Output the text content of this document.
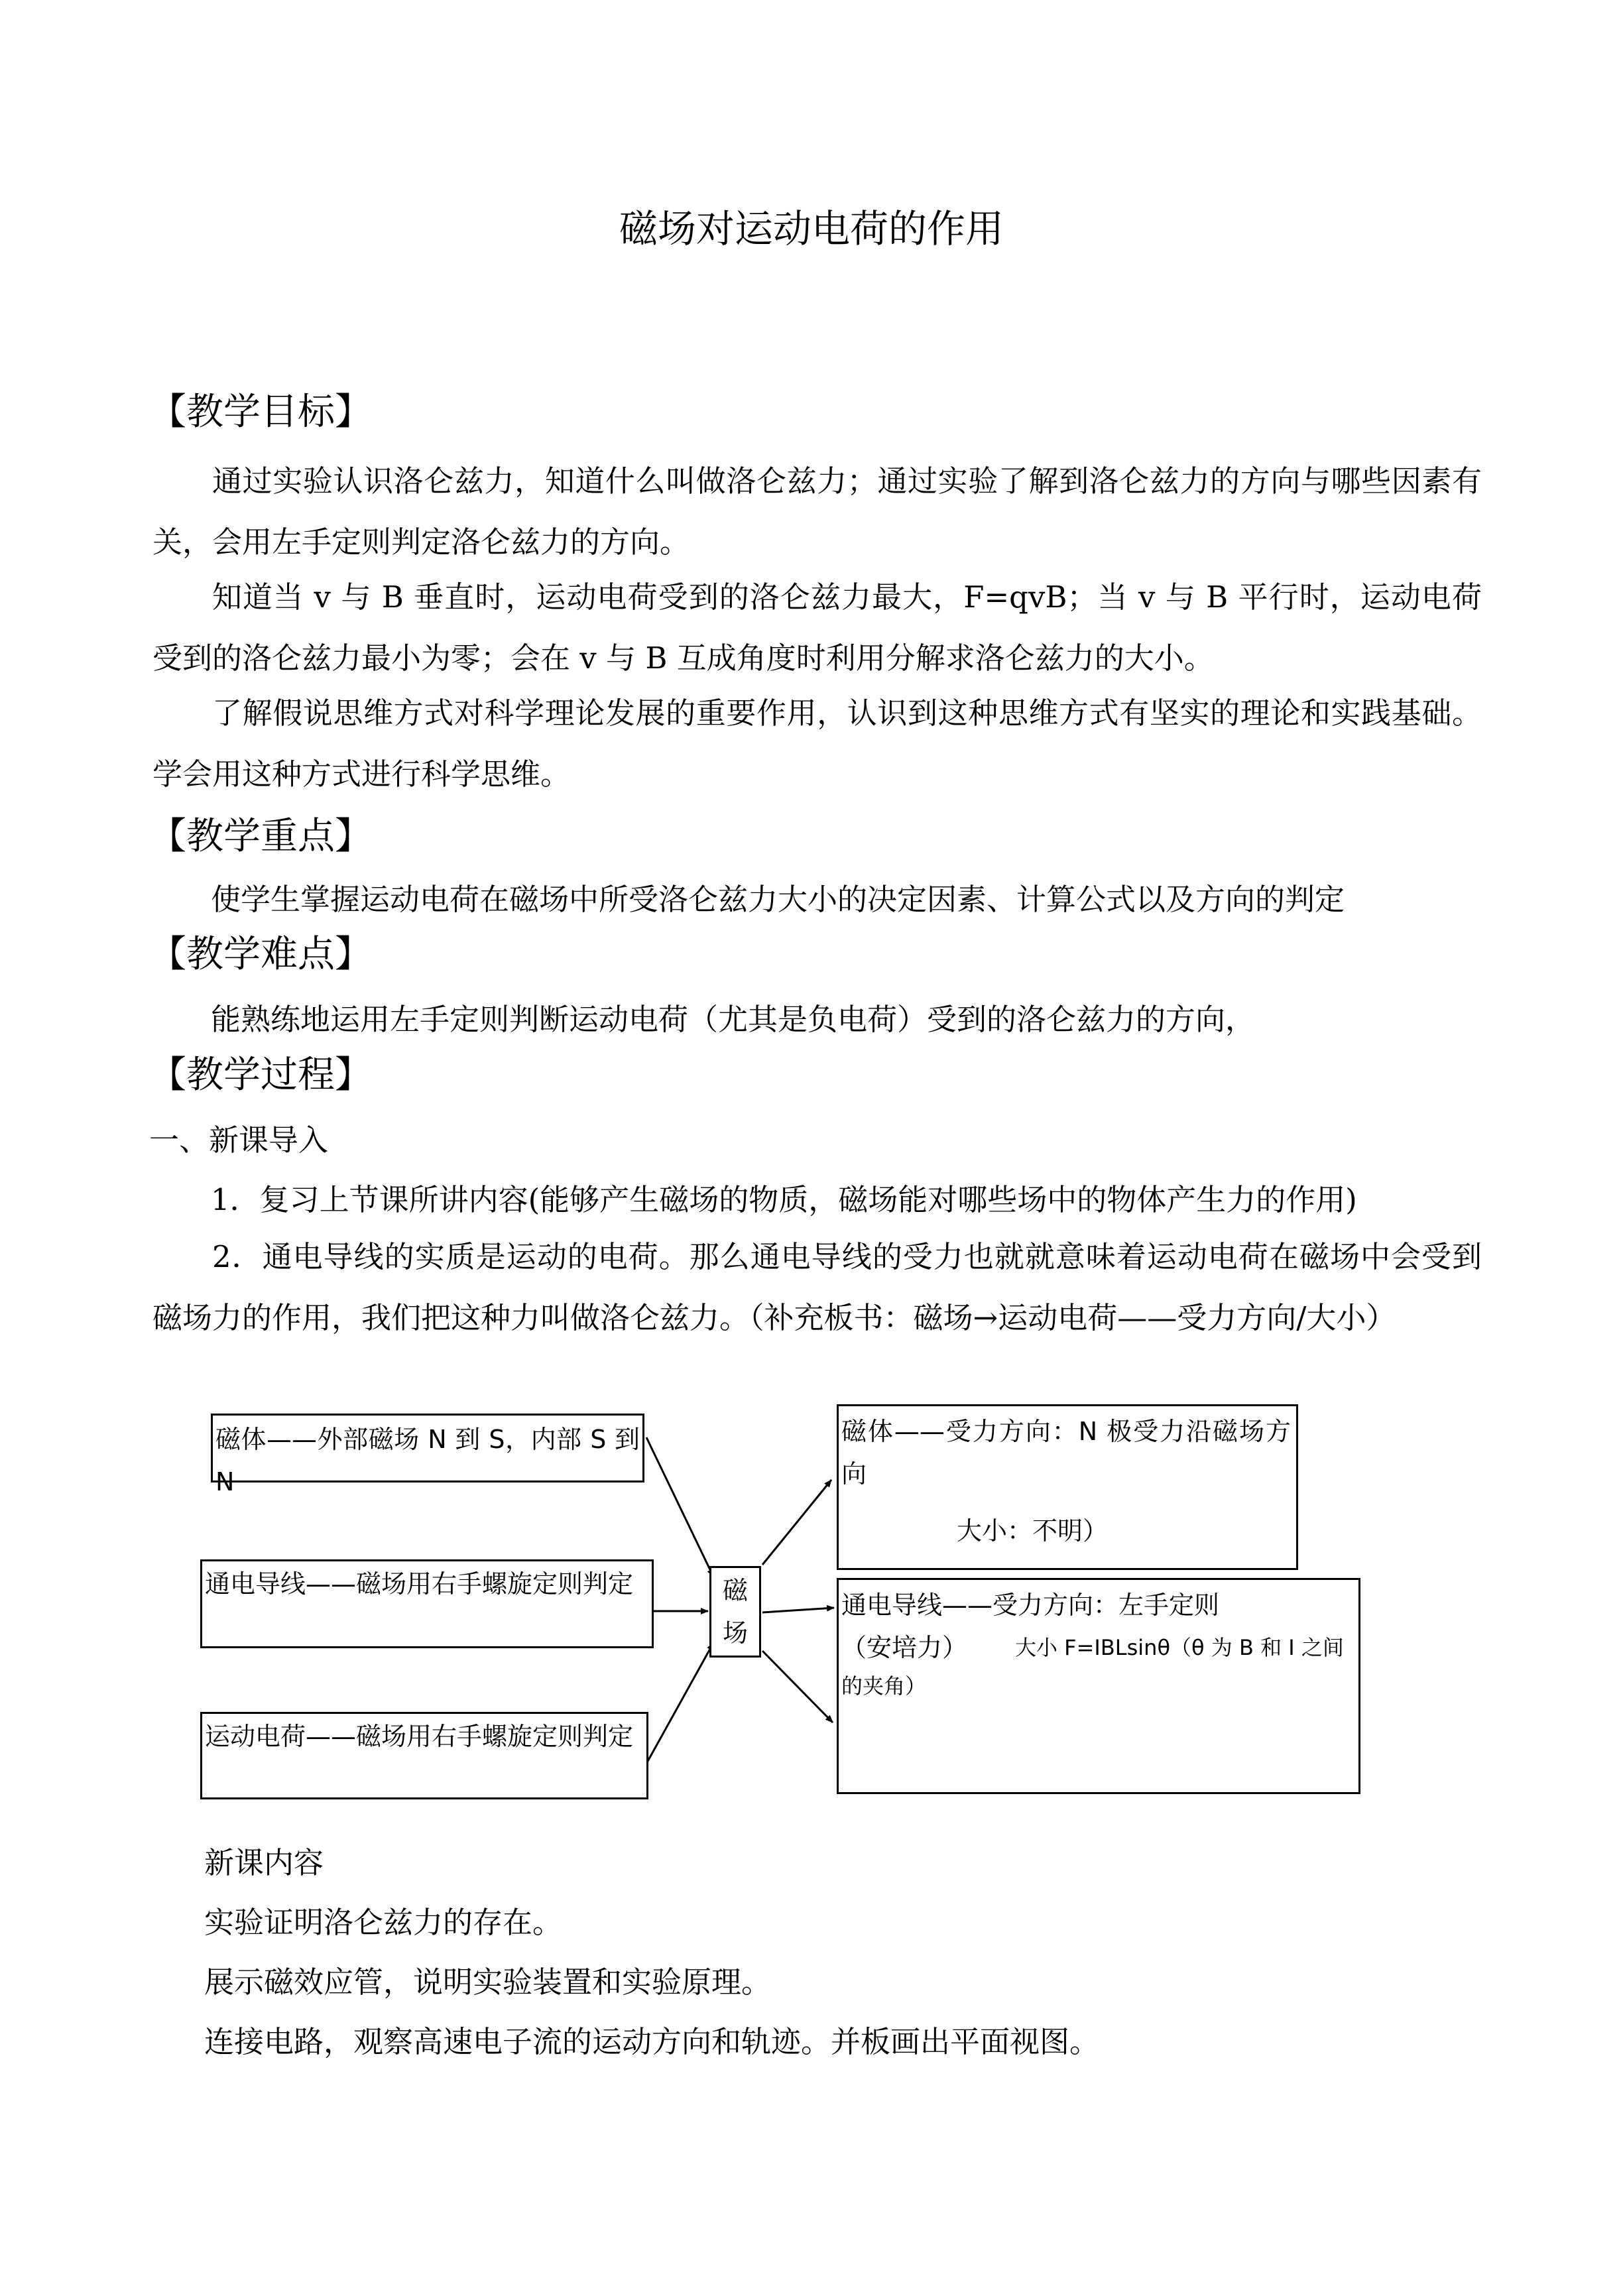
磁场对运动电荷的作用
【教学目标】
通过实验认识洛仑兹力，知道什么叫做洛仑兹力；通过实验了解到洛仑兹力的方向与哪些因素有关，会用左手定则判定洛仑兹力的方向。
知道当 v 与 B 垂直时，运动电荷受到的洛仑兹力最大，F=qvB；当 v 与 B 平行时，运动电荷受到的洛仑兹力最小为零；会在 v 与 B 互成角度时利用分解求洛仑兹力的大小。
了解假说思维方式对科学理论发展的重要作用，认识到这种思维方式有坚实的理论和实践基础。学会用这种方式进行科学思维。
【教学重点】
使学生掌握运动电荷在磁场中所受洛仑兹力大小的决定因素、计算公式以及方向的判定
【教学难点】
能熟练地运用左手定则判断运动电荷（尤其是负电荷）受到的洛仑兹力的方向，
【教学过程】
一、新课导入
1．复习上节课所讲内容(能够产生磁场的物质，磁场能对哪些场中的物体产生力的作用)
2．通电导线的实质是运动的电荷。那么通电导线的受力也就就意味着运动电荷在磁场中会受到磁场力的作用，我们把这种力叫做洛仑兹力。（补充板书：磁场→运动电荷——受力方向/大小）
磁体——外部磁场 N 到 S，内部 S 到 N
通电导线——磁场用右手螺旋定则判定
运动电荷——磁场用右手螺旋定则判定
磁
场
磁体——受力方向：N 极受力沿磁场方向
大小：不明）
通电导线——受力方向：左手定则
（安培力） 大小 F=IBLsinθ（θ 为 B 和 I 之间
的夹角）
新课内容
实验证明洛仑兹力的存在。
展示磁效应管，说明实验装置和实验原理。
连接电路，观察高速电子流的运动方向和轨迹。并板画出平面视图。
